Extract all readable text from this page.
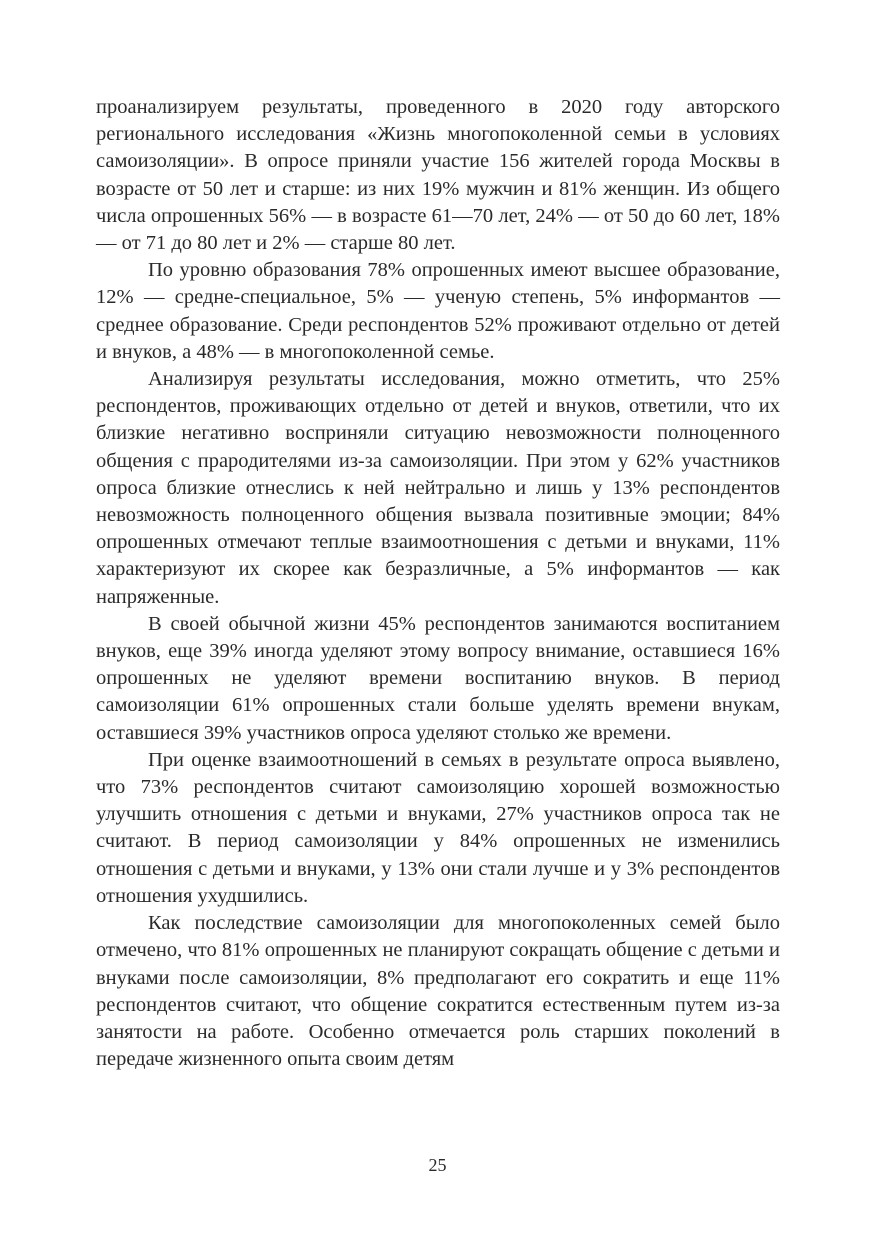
проанализируем результаты, проведенного в 2020 году авторского регионального исследования «Жизнь многопоколенной семьи в условиях самоизоляции». В опросе приняли участие 156 жителей города Москвы в возрасте от 50 лет и старше: из них 19% мужчин и 81% женщин. Из общего числа опрошенных 56% — в возрасте 61—70 лет, 24% — от 50 до 60 лет, 18% — от 71 до 80 лет и 2% — старше 80 лет.

По уровню образования 78% опрошенных имеют высшее образование, 12% — средне-специальное, 5% — ученую степень, 5% информантов — среднее образование. Среди респондентов 52% проживают отдельно от детей и внуков, а 48% — в многопоколенной семье.

Анализируя результаты исследования, можно отметить, что 25% респондентов, проживающих отдельно от детей и внуков, ответили, что их близкие негативно восприняли ситуацию невозможности полноценного общения с прародителями из-за самоизоляции. При этом у 62% участников опроса близкие отнеслись к ней нейтрально и лишь у 13% респондентов невозможность полноценного общения вызвала позитивные эмоции; 84% опрошенных отмечают теплые взаимоотношения с детьми и внуками, 11% характеризуют их скорее как безразличные, а 5% информантов — как напряженные.

В своей обычной жизни 45% респондентов занимаются воспитанием внуков, еще 39% иногда уделяют этому вопросу внимание, оставшиеся 16% опрошенных не уделяют времени воспитанию внуков. В период самоизоляции 61% опрошенных стали больше уделять времени внукам, оставшиеся 39% участников опроса уделяют столько же времени.

При оценке взаимоотношений в семьях в результате опроса выявлено, что 73% респондентов считают самоизоляцию хорошей возможностью улучшить отношения с детьми и внуками, 27% участников опроса так не считают. В период самоизоляции у 84% опрошенных не изменились отношения с детьми и внуками, у 13% они стали лучше и у 3% респондентов отношения ухудшились.

Как последствие самоизоляции для многопоколенных семей было отмечено, что 81% опрошенных не планируют сокращать общение с детьми и внуками после самоизоляции, 8% предполагают его сократить и еще 11% респондентов считают, что общение сократится естественным путем из-за занятости на работе. Особенно отмечается роль старших поколений в передаче жизненного опыта своим детям

25
